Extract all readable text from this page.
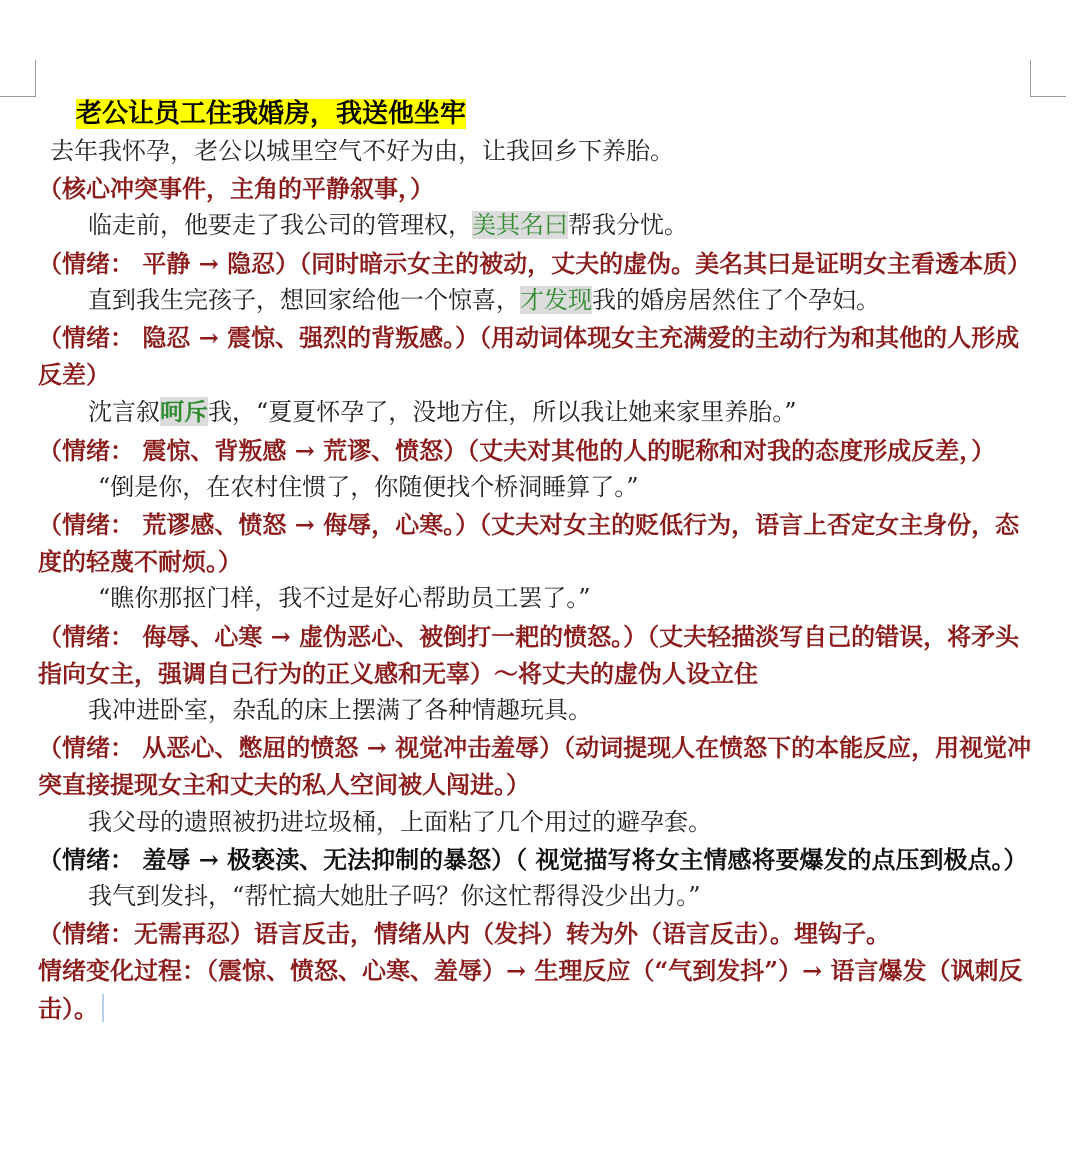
老公让员工住我婚房，我送他坐牢

去年我怀孕，老公以城里空气不好为由，让我回乡下养胎。

（核心冲突事件，主角的平静叙事，）

临走前，他要走了我公司的管理权，美其名曰帮我分忧。

（情绪： 平静 → 隐忍）（同时暗示女主的被动，丈夫的虚伪。美名其曰是证明女主看透本质）

直到我生完孩子，想回家给他一个惊喜，才发现我的婚房居然住了个孕妇。

（情绪： 隐忍 → 震惊、强烈的背叛感。）（用动词体现女主充满爱的主动行为和其他的人形成反差）

沈言叙呵斥我，“夏夏怀孕了，没地方住，所以我让她来家里养胎。”

（情绪： 震惊、背叛感 → 荒谬、愤怒）（丈夫对其他的人的昵称和对我的态度形成反差，）

“倒是你，在农村住惯了，你随便找个桥洞睡算了。”

（情绪： 荒谬感、愤怒 → 侮辱，心寒。）（丈夫对女主的贬低行为，语言上否定女主身份，态度的轻蔑不耐烦。）

“瞧你那抠门样，我不过是好心帮助员工罢了。”

（情绪： 侮辱、心寒 → 虚伪恶心、被倒打一耙的愤怒。）（丈夫轻描淡写自己的错误，将矛头指向女主，强调自己行为的正义感和无辜）～将丈夫的虚伪人设立住

我冲进卧室，杂乱的床上摆满了各种情趣玩具。

（情绪： 从恶心、憋屈的愤怒 → 视觉冲击羞辱）（动词提现人在愤怒下的本能反应，用视觉冲突直接提现女主和丈夫的私人空间被人闯进。）

我父母的遗照被扔进垃圾桶，上面粘了几个用过的避孕套。

（情绪： 羞辱 → 极亵渎、无法抑制的暴怒）（ 视觉描写将女主情感将要爆发的点压到极点。）

我气到发抖，“帮忙搞大她肚子吗？你这忙帮得没少出力。”

（情绪：无需再忍）语言反击，情绪从内（发抖）转为外（语言反击）。埋钩子。

情绪变化过程：（震惊、愤怒、心寒、羞辱）→ 生理反应（“气到发抖”）→ 语言爆发（讽刺反击）。
